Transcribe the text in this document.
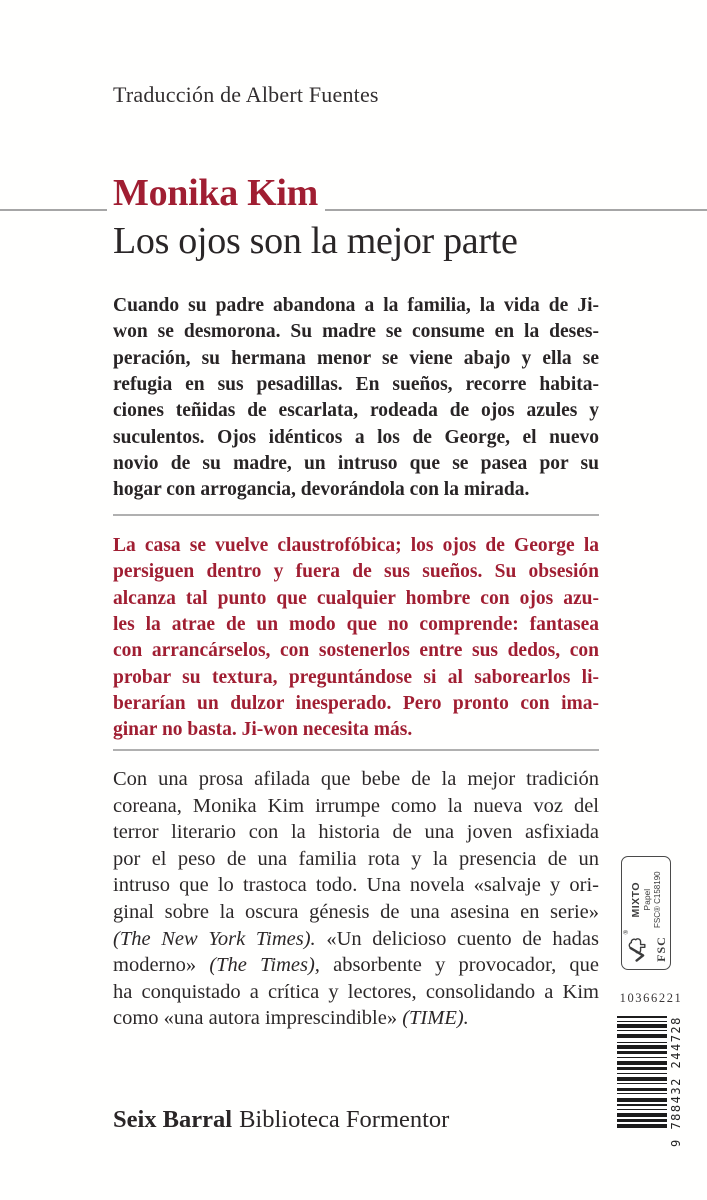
Traducción de Albert Fuentes
Monika Kim
Los ojos son la mejor parte
Cuando su padre abandona a la familia, la vida de Ji-
won se desmorona. Su madre se consume en la deses-
peración, su hermana menor se viene abajo y ella se
refugia en sus pesadillas. En sueños, recorre habita-
ciones teñidas de escarlata, rodeada de ojos azules y
suculentos. Ojos idénticos a los de George, el nuevo
novio de su madre, un intruso que se pasea por su
hogar con arrogancia, devorándola con la mirada.
La casa se vuelve claustrofóbica; los ojos de George la
persiguen dentro y fuera de sus sueños. Su obsesión
alcanza tal punto que cualquier hombre con ojos azu-
les la atrae de un modo que no comprende: fantasea
con arrancárselos, con sostenerlos entre sus dedos, con
probar su textura, preguntándose si al saborearlos li-
berarían un dulzor inesperado. Pero pronto con ima-
ginar no basta. Ji-won necesita más.
Con una prosa afilada que bebe de la mejor tradición
coreana, Monika Kim irrumpe como la nueva voz del
terror literario con la historia de una joven asfixiada
por el peso de una familia rota y la presencia de un
intruso que lo trastoca todo. Una novela «salvaje y ori-
ginal sobre la oscura génesis de una asesina en serie»
(The New York Times). «Un delicioso cuento de hadas
moderno» (The Times), absorbente y provocador, que
ha conquistado a crítica y lectores, consolidando a Kim
como «una autora imprescindible» (TIME).
Seix Barral Biblioteca Formentor
®
FSC
MIXTO Papel FSC® C158190
10366221
9 788432 244728
